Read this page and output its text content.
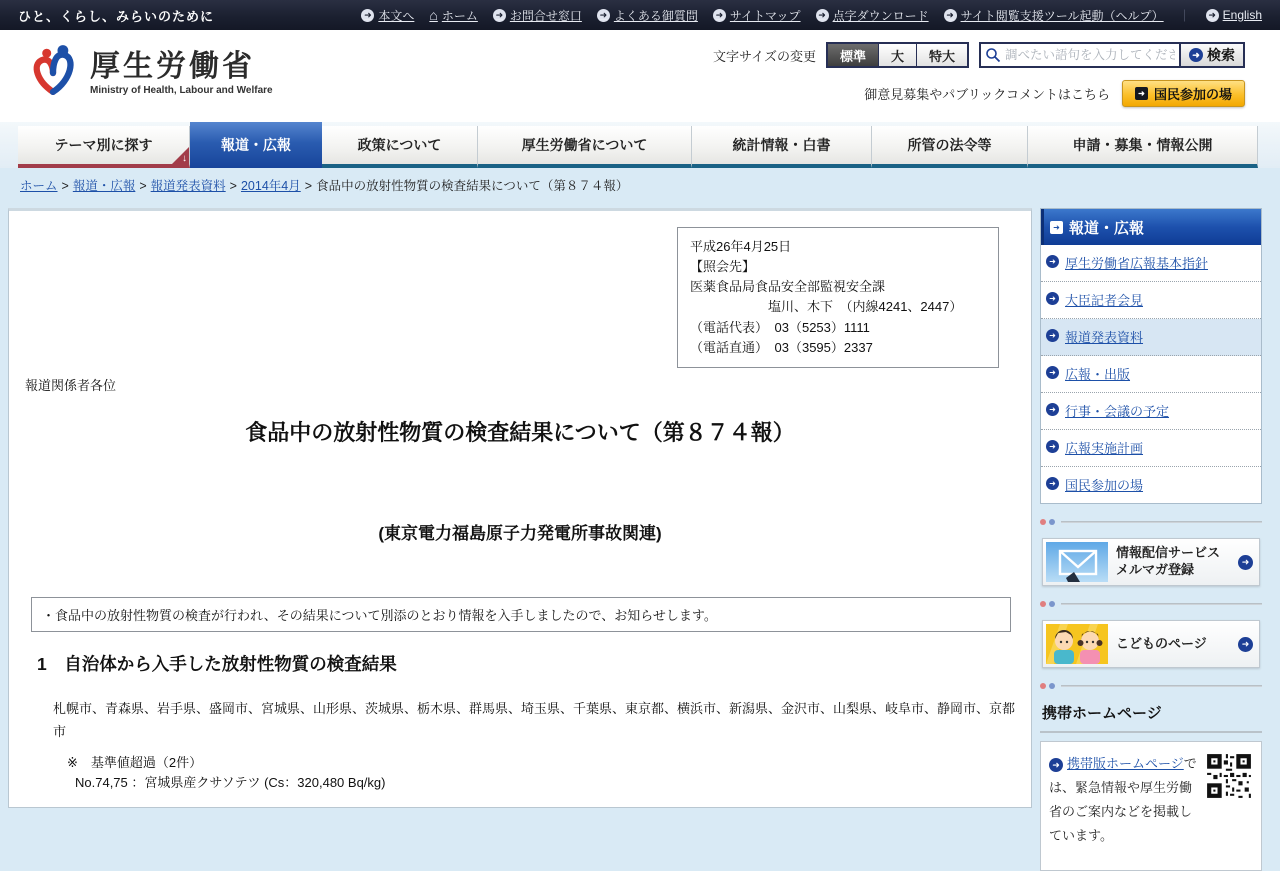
ひと、くらし、みらいのために	➜ 本文へ ⌂ ホーム	➜ お問合せ窓口	➜ よくある御質問	➜ サイトマップ	➜ 点字ダウンロード	➜ サイト閲覧支援ツール起動（ヘルプ） ｜	➜ English
厚生労働省
Ministry of Health, Labour and Welfare
文字サイズの変更	標準	大	特大
調べたい語句を入力してください	➜ 検索
御意見募集やパブリックコメントはこちら	➜ 国民参加の場
テーマ別に探す
↓
報道・広報	政策について	厚生労働省について	統計情報・白書	所管の法令等	申請・募集・情報公開
ホーム > 報道・広報 > 報道発表資料 > 2014年4月 > 食品中の放射性物質の検査結果について（第８７４報）
平成26年4月25日
【照会先】
医薬食品局食品安全部監視安全課
塩川、木下　（内線4241、2447）
（電話代表）　03（5253）1111
（電話直通）　03（3595）2337
報道関係者各位
食品中の放射性物質の検査結果について（第８７４報）
(東京電力福島原子力発電所事故関連)
・食品中の放射性物質の検査が行われ、その結果について別添のとおり情報を入手しましたので、お知らせします。
1　自治体から入手した放射性物質の検査結果

札幌市、青森県、岩手県、盛岡市、宮城県、山形県、茨城県、栃木県、群馬県、埼玉県、千葉県、東京都、横浜市、新潟県、金沢市、山梨県、岐阜市、静岡市、京都市

※　基準値超過（2件）
No.74,75 ：宮城県産クサソテツ (Cs：320,480 Bq/kg)
➜ 報道・広報
➜ 厚生労働省広報基本指針
➜ 大臣記者会見
➜ 報道発表資料
➜ 広報・出版
➜ 行事・会議の予定
➜ 広報実施計画
➜ 国民参加の場
情報配信サービス
メルマガ登録
➜
こどものページ	➜
携帯ホームページ
➜ 携帯版ホームページでは、緊急情報や厚生労働省のご案内などを掲載しています。
